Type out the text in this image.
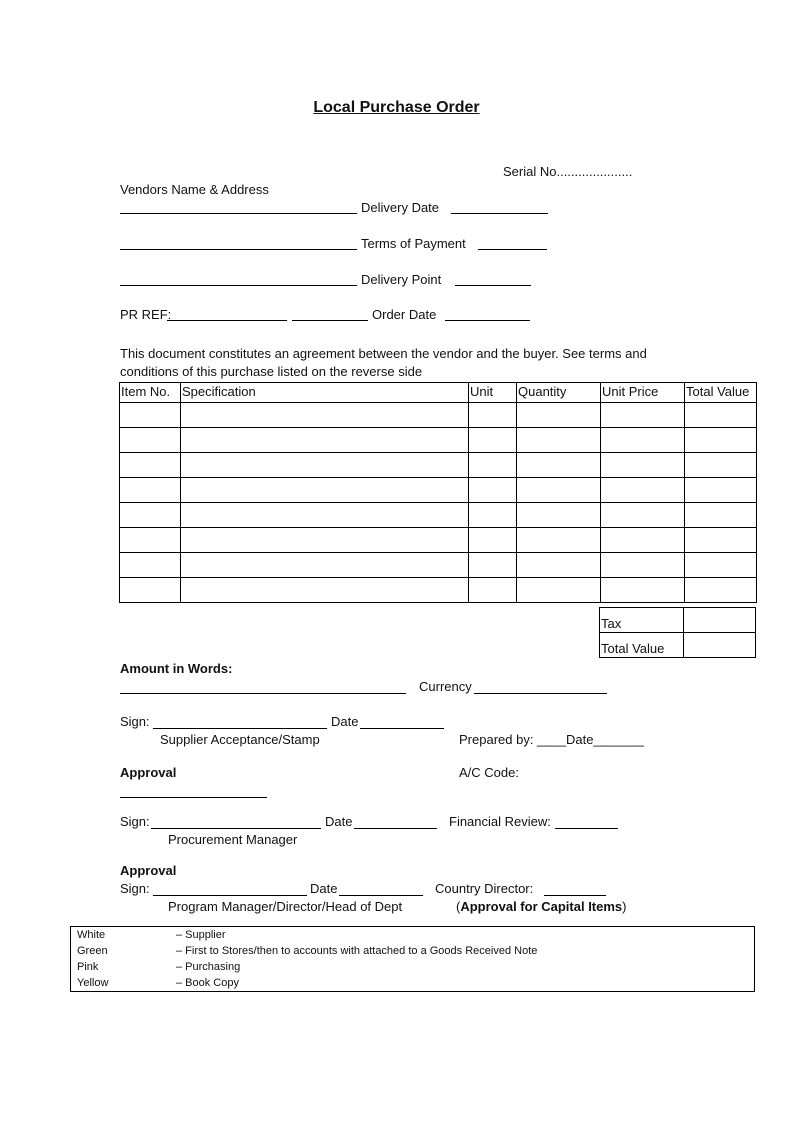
Local Purchase Order
Serial No.....................
Vendors Name & Address
Delivery Date
Terms of Payment
Delivery Point
PR REF:	Order Date
This document constitutes an agreement between the vendor and the buyer. See terms and
conditions of this purchase listed on the reverse side
Item No.	Specification	Unit	Quantity	Unit Price	Total Value

Tax	
Total Value	
Amount in Words:
Currency
Sign:	Date
Supplier Acceptance/Stamp	Prepared by: ____Date_______
Approval	A/C Code:
Sign:	Date	Financial Review:
Procurement Manager
Approval
Sign:	Date	Country Director:
Program Manager/Director/Head of Dept	(Approval for Capital Items)
White	– Supplier
Green	– First to Stores/then to accounts with attached to a Goods Received Note
Pink	– Purchasing
Yellow	– Book Copy
